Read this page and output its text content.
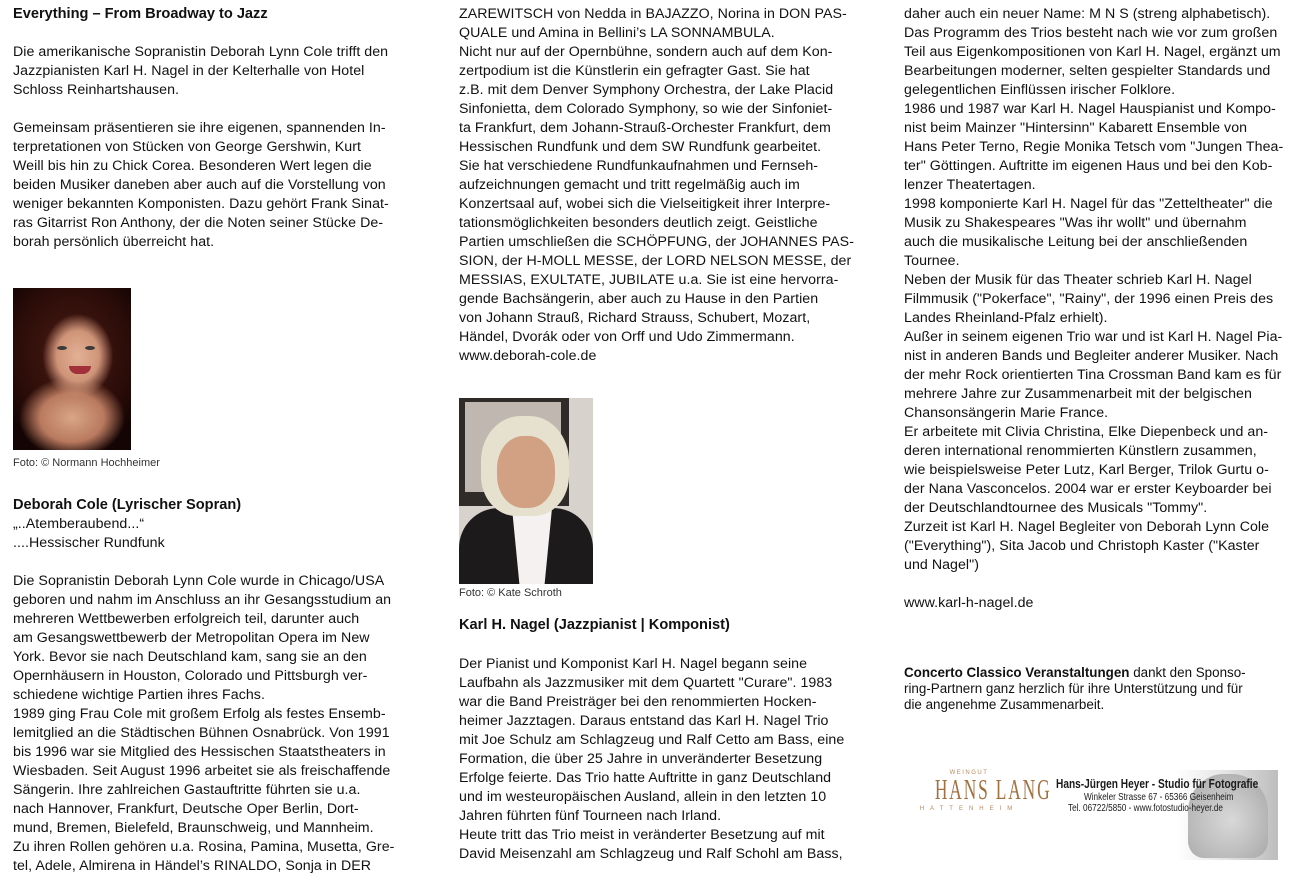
Everything – From Broadway to Jazz
Die amerikanische Sopranistin Deborah Lynn Cole trifft den
Jazzpianisten Karl H. Nagel in der Kelterhalle von Hotel
Schloss Reinhartshausen.
Gemeinsam präsentieren sie ihre eigenen, spannenden In-
terpretationen von Stücken von George Gershwin, Kurt
Weill bis hin zu Chick Corea. Besonderen Wert legen die
beiden Musiker daneben aber auch auf die Vorstellung von
weniger bekannten Komponisten. Dazu gehört Frank Sinat-
ras Gitarrist Ron Anthony, der die Noten seiner Stücke De-
borah persönlich überreicht hat.
Foto: © Normann Hochheimer
Deborah Cole (Lyrischer Sopran)
„..Atemberaubend...“
....Hessischer Rundfunk
Die Sopranistin Deborah Lynn Cole wurde in Chicago/USA
geboren und nahm im Anschluss an ihr Gesangsstudium an
mehreren Wettbewerben erfolgreich teil, darunter auch
am Gesangswettbewerb der Metropolitan Opera im New
York. Bevor sie nach Deutschland kam, sang sie an den
Opernhäusern in Houston, Colorado und Pittsburgh ver-
schiedene wichtige Partien ihres Fachs.
1989 ging Frau Cole mit großem Erfolg als festes Ensemb-
lemitglied an die Städtischen Bühnen Osnabrück. Von 1991
bis 1996 war sie Mitglied des Hessischen Staatstheaters in
Wiesbaden. Seit August 1996 arbeitet sie als freischaffende
Sängerin. Ihre zahlreichen Gastauftritte führten sie u.a.
nach Hannover, Frankfurt, Deutsche Oper Berlin, Dort-
mund, Bremen, Bielefeld, Braunschweig, und Mannheim.
Zu ihren Rollen gehören u.a. Rosina, Pamina, Musetta, Gre-
tel, Adele, Almirena in Händel’s RINALDO, Sonja in DER
ZAREWITSCH von Nedda in BAJAZZO, Norina in DON PAS-
QUALE und Amina in Bellini’s LA SONNAMBULA.
Nicht nur auf der Opernbühne, sondern auch auf dem Kon-
zertpodium ist die Künstlerin ein gefragter Gast. Sie hat
z.B. mit dem Denver Symphony Orchestra, der Lake Placid
Sinfonietta, dem Colorado Symphony, so wie der Sinfoniet-
ta Frankfurt, dem Johann-Strauß-Orchester Frankfurt, dem
Hessischen Rundfunk und dem SW Rundfunk gearbeitet.
Sie hat verschiedene Rundfunkaufnahmen und Fernseh-
aufzeichnungen gemacht und tritt regelmäßig auch im
Konzertsaal auf, wobei sich die Vielseitigkeit ihrer Interpre-
tationsmöglichkeiten besonders deutlich zeigt. Geistliche
Partien umschließen die SCHÖPFUNG, der JOHANNES PAS-
SION, der H-MOLL MESSE, der LORD NELSON MESSE, der
MESSIAS, EXULTATE, JUBILATE u.a. Sie ist eine hervorra-
gende Bachsängerin, aber auch zu Hause in den Partien
von Johann Strauß, Richard Strauss, Schubert, Mozart,
Händel, Dvorák oder von Orff und Udo Zimmermann.
www.deborah-cole.de
Foto: © Kate Schroth
Karl H. Nagel (Jazzpianist | Komponist)
Der Pianist und Komponist Karl H. Nagel begann seine
Laufbahn als Jazzmusiker mit dem Quartett "Curare". 1983
war die Band Preisträger bei den renommierten Hocken-
heimer Jazztagen. Daraus entstand das Karl H. Nagel Trio
mit Joe Schulz am Schlagzeug und Ralf Cetto am Bass, eine
Formation, die über 25 Jahre in unveränderter Besetzung
Erfolge feierte. Das Trio hatte Auftritte in ganz Deutschland
und im westeuropäischen Ausland, allein in den letzten 10
Jahren führten fünf Tourneen nach Irland.
Heute tritt das Trio meist in veränderter Besetzung auf mit
David Meisenzahl am Schlagzeug und Ralf Schohl am Bass,
daher auch ein neuer Name: M N S (streng alphabetisch).
Das Programm des Trios besteht nach wie vor zum großen
Teil aus Eigenkompositionen von Karl H. Nagel, ergänzt um
Bearbeitungen moderner, selten gespielter Standards und
gelegentlichen Einflüssen irischer Folklore.
1986 und 1987 war Karl H. Nagel Hauspianist und Kompo-
nist beim Mainzer "Hintersinn" Kabarett Ensemble von
Hans Peter Terno, Regie Monika Tetsch vom "Jungen Thea-
ter" Göttingen. Auftritte im eigenen Haus und bei den Kob-
lenzer Theatertagen.
1998 komponierte Karl H. Nagel für das "Zetteltheater" die
Musik zu Shakespeares "Was ihr wollt" und übernahm
auch die musikalische Leitung bei der anschließenden
Tournee.
Neben der Musik für das Theater schrieb Karl H. Nagel
Filmmusik ("Pokerface", "Rainy", der 1996 einen Preis des
Landes Rheinland-Pfalz erhielt).
Außer in seinem eigenen Trio war und ist Karl H. Nagel Pia-
nist in anderen Bands und Begleiter anderer Musiker. Nach
der mehr Rock orientierten Tina Crossman Band kam es für
mehrere Jahre zur Zusammenarbeit mit der belgischen
Chansonsängerin Marie France.
Er arbeitete mit Clivia Christina, Elke Diepenbeck und an-
deren international renommierten Künstlern zusammen,
wie beispielsweise Peter Lutz, Karl Berger, Trilok Gurtu o-
der Nana Vasconcelos. 2004 war er erster Keyboarder bei
der Deutschlandtournee des Musicals "Tommy".
Zurzeit ist Karl H. Nagel Begleiter von Deborah Lynn Cole
("Everything"), Sita Jacob und Christoph Kaster ("Kaster
und Nagel")
www.karl-h-nagel.de
Concerto Classico Veranstaltungen dankt den Sponso-
ring-Partnern ganz herzlich für ihre Unterstützung und für
die angenehme Zusammenarbeit.
WEINGUT
HANS LANG
HATTENHEIM
Hans-Jürgen Heyer - Studio für Fotografie
Winkeler Strasse 67 - 65366 Geisenheim
Tel. 06722/5850 - www.fotostudio-heyer.de
